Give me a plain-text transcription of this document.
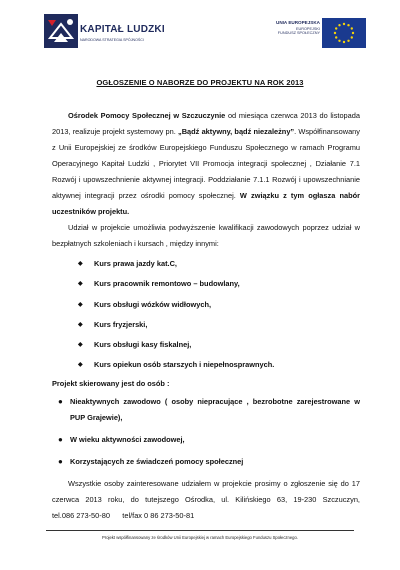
KAPITAŁ LUDZKI
NARODOWA STRATEGIA SPÓJNOŚCI
UNIA EUROPEJSKA
EUROPEJSKI
FUNDUSZ SPOŁECZNY
OGŁOSZENIE O NABORZE DO PROJEKTU NA ROK 2013

Ośrodek Pomocy Społecznej w Szczuczynie od miesiąca czerwca 2013 do listopada 2013, realizuje projekt systemowy pn. „Bądź aktywny, bądź niezależny”. Współfinansowany z Unii Europejskiej ze środków Europejskiego Funduszu Społecznego w ramach Programu Operacyjnego Kapitał Ludzki , Priorytet VII Promocja integracji społecznej , Działanie 7.1 Rozwój i upowszechnienie aktywnej integracji. Poddziałanie 7.1.1 Rozwój i upowszechnianie aktywnej integracji przez ośrodki pomocy społecznej. W związku z tym ogłasza nabór uczestników projektu.

Udział w projekcie umożliwia podwyższenie kwalifikacji zawodowych poprzez udział w bezpłatnych szkoleniach i kursach , między innymi:

◆ Kurs prawa jazdy kat.C,
◆ Kurs pracownik remontowo – budowlany,
◆ Kurs obsługi wózków widłowych,
◆ Kurs fryzjerski,
◆ Kurs obsługi kasy fiskalnej,
◆ Kurs opiekun osób starszych i niepełnosprawnych.

Projekt skierowany jest do osób :

● Nieaktywnych zawodowo ( osoby niepracujące , bezrobotne zarejestrowane w PUP Grajewie),
● W wieku aktywności zawodowej,
● Korzystających ze świadczeń pomocy społecznej

Wszystkie osoby zainteresowane udziałem w projekcie prosimy o zgłoszenie się do 17 czerwca 2013 roku, do tutejszego Ośrodka, ul. Kilińskiego 63, 19-230 Szczuczyn, tel.086 273-50-80 tel/fax 0 86 273-50-81

Projekt współfinansowany ze środków Unii Europejskiej w ramach Europejskiego Funduszu Społecznego.
